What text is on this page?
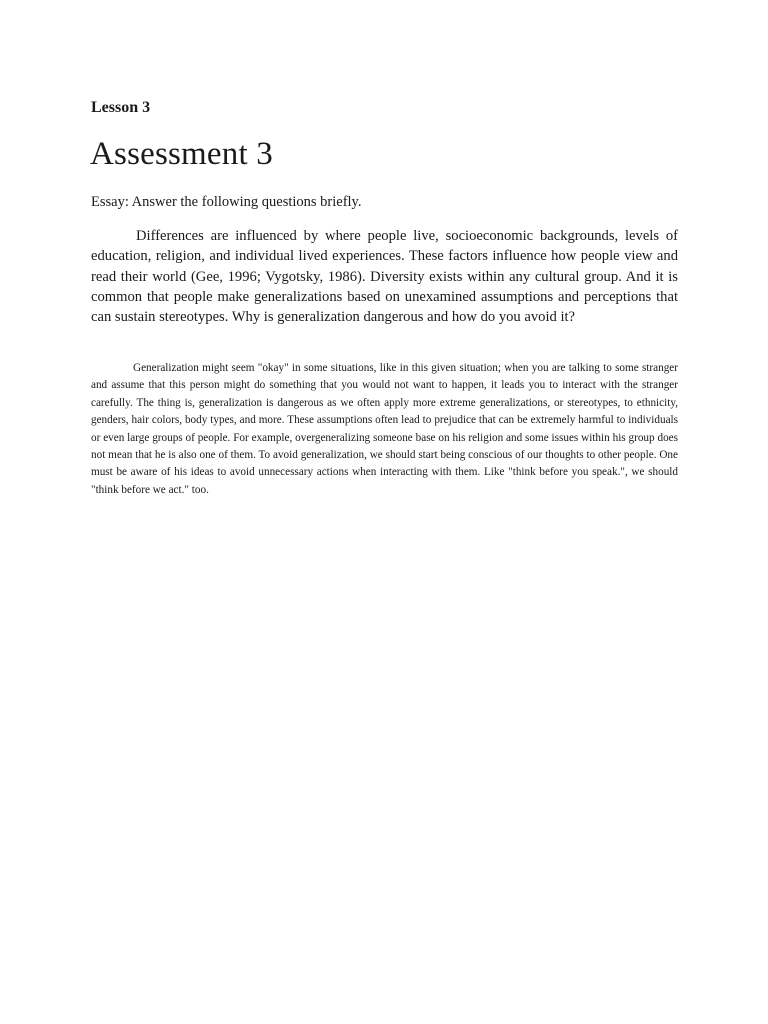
Lesson 3

Assessment 3

Essay: Answer the following questions briefly.

Differences are influenced by where people live, socioeconomic backgrounds, levels of education, religion, and individual lived experiences. These factors influence how people view and read their world (Gee, 1996; Vygotsky, 1986). Diversity exists within any cultural group. And it is common that people make generalizations based on unexamined assumptions and perceptions that can sustain stereotypes. Why is generalization dangerous and how do you avoid it?

Generalization might seem "okay" in some situations, like in this given situation; when you are talking to some stranger and assume that this person might do something that you would not want to happen, it leads you to interact with the stranger carefully. The thing is, generalization is dangerous as we often apply more extreme generalizations, or stereotypes, to ethnicity, genders, hair colors, body types, and more. These assumptions often lead to prejudice that can be extremely harmful to individuals or even large groups of people. For example, overgeneralizing someone base on his religion and some issues within his group does not mean that he is also one of them. To avoid generalization, we should start being conscious of our thoughts to other people. One must be aware of his ideas to avoid unnecessary actions when interacting with them. Like "think before you speak.", we should "think before we act." too.
